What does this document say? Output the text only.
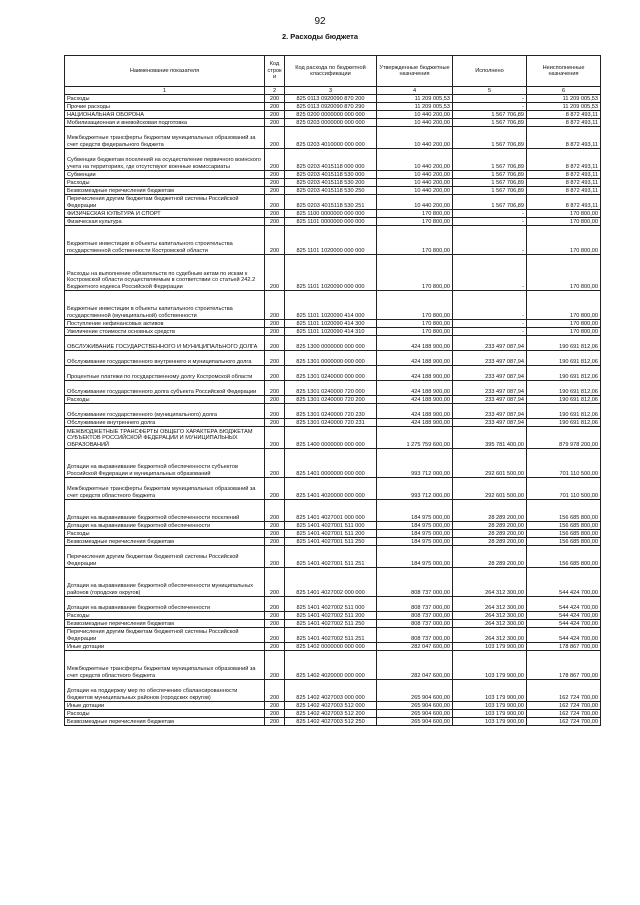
92
2. Расходы бюджета
Наименование показателя	Код строк и	Код расхода по бюджетной классификации	Утвержденные бюджетные назначения	Исполнено	Неисполненные назначения
1	2	3	4	5	6
Расходы	200	825 0113 0920090 870 200	11 209 005,53	-	11 209 005,53
Прочие расходы	200	825 0113 0920090 870 290	11 209 005,53	-	11 209 005,53
НАЦИОНАЛЬНАЯ ОБОРОНА	200	825 0200 0000000 000 000	10 440 200,00	1 567 706,89	8 872 493,11
Мобилизационная и вневойсковая подготовка	200	825 0203 0000000 000 000	10 440 200,00	1 567 706,89	8 872 493,11
Межбюджетные трансферты бюджетам муниципальных образований за счет средств федерального бюджета	200	825 0203 4010000 000 000	10 440 200,00	1 567 706,89	8 872 493,11
Субвенции бюджетам поселений на осуществление первичного воинского учета на территориях, где отсутствуют военные комиссариаты	200	825 0203 4015118 000 000	10 440 200,00	1 567 706,89	8 872 493,11
Субвенции	200	825 0203 4015118 530 000	10 440 200,00	1 567 706,89	8 872 493,11
Расходы	200	825 0203 4015118 530 200	10 440 200,00	1 567 706,89	8 872 493,11
Безвозмездные перечисления бюджетам	200	825 0203 4015118 530 250	10 440 200,00	1 567 706,89	8 872 493,11
Перечисления другим бюджетам бюджетной системы Российской Федерации	200	825 0203 4015118 530 251	10 440 200,00	1 567 706,89	8 872 493,11
ФИЗИЧЕСКАЯ КУЛЬТУРА И СПОРТ	200	825 1100 0000000 000 000	170 800,00	-	170 800,00
Физическая культура	200	825 1101 0000000 000 000	170 800,00	-	170 800,00
Бюджетные инвестиции в объекты капитального строительства государственной собственности Костромской области	200	825 1101 1020000 000 000	170 800,00	-	170 800,00
Расходы на выполнение обязательств по судебным актам по искам к Костромской области осуществляемым в соответствии со статьей 242.2 Бюджетного кодекса Российской Федерации	200	825 1101 1020090 000 000	170 800,00	-	170 800,00
Бюджетные инвестиции в объекты капитального строительства государственной (муниципальной) собственности	200	825 1101 1020090 414 000	170 800,00	-	170 800,00
Поступление нефинансовых активов	200	825 1101 1020090 414 300	170 800,00	-	170 800,00
Увеличение стоимости основных средств	200	825 1101 1020090 414 310	170 800,00	-	170 800,00
ОБСЛУЖИВАНИЕ ГОСУДАРСТВЕННОГО И МУНИЦИПАЛЬНОГО ДОЛГА	200	825 1300 0000000 000 000	424 188 900,00	233 497 087,94	190 691 812,06
Обслуживание государственного внутреннего и муниципального долга	200	825 1301 0000000 000 000	424 188 900,00	233 497 087,94	190 691 812,06
Процентные платежи по государственному долгу Костромской области	200	825 1301 0240000 000 000	424 188 900,00	233 497 087,94	190 691 812,06
Обслуживание государственного долга субъекта Российской Федерации	200	825 1301 0240000 720 000	424 188 900,00	233 497 087,94	190 691 812,06
Расходы	200	825 1301 0240000 720 200	424 188 900,00	233 497 087,94	190 691 812,06
Обслуживание государственного (муниципального) долга	200	825 1301 0240000 720 230	424 188 900,00	233 497 087,94	190 691 812,06
Обслуживание внутреннего долга	200	825 1301 0240000 720 231	424 188 900,00	233 497 087,94	190 691 812,06
МЕЖБЮДЖЕТНЫЕ ТРАНСФЕРТЫ ОБЩЕГО ХАРАКТЕРА БЮДЖЕТАМ СУБЪЕКТОВ РОССИЙСКОЙ ФЕДЕРАЦИИ И МУНИЦИПАЛЬНЫХ ОБРАЗОВАНИЙ	200	825 1400 0000000 000 000	1 275 759 600,00	395 781 400,00	879 978 200,00
Дотации на выравнивание бюджетной обеспеченности субъектов Российской Федерации и муниципальных образований	200	825 1401 0000000 000 000	993 712 000,00	292 601 500,00	701 110 500,00
Межбюджетные трансферты бюджетам муниципальных образований за счет средств областного бюджета	200	825 1401 4020000 000 000	993 712 000,00	292 601 500,00	701 110 500,00
Дотации на выравнивание бюджетной обеспеченности поселений	200	825 1401 4027001 000 000	184 975 000,00	28 289 200,00	156 685 800,00
Дотации на выравнивание бюджетной обеспеченности	200	825 1401 4027001 511 000	184 975 000,00	28 289 200,00	156 685 800,00
Расходы	200	825 1401 4027001 511 200	184 975 000,00	28 289 200,00	156 685 800,00
Безвозмездные перечисления бюджетам	200	825 1401 4027001 511 250	184 975 000,00	28 289 200,00	156 685 800,00
Перечисления другим бюджетам бюджетной системы Российской Федерации	200	825 1401 4027001 511 251	184 975 000,00	28 289 200,00	156 685 800,00
Дотации на выравнивание бюджетной обеспеченности муниципальных районов (городских округов)	200	825 1401 4027002 000 000	808 737 000,00	264 312 300,00	544 424 700,00
Дотации на выравнивание бюджетной обеспеченности	200	825 1401 4027002 511 000	808 737 000,00	264 312 300,00	544 424 700,00
Расходы	200	825 1401 4027002 511 200	808 737 000,00	264 312 300,00	544 424 700,00
Безвозмездные перечисления бюджетам	200	825 1401 4027002 511 250	808 737 000,00	264 312 300,00	544 424 700,00
Перечисления другим бюджетам бюджетной системы Российской Федерации	200	825 1401 4027002 511 251	808 737 000,00	264 312 300,00	544 424 700,00
Иные дотации	200	825 1402 0000000 000 000	282 047 600,00	103 179 900,00	178 867 700,00
Межбюджетные трансферты бюджетам муниципальных образований за счет средств областного бюджета	200	825 1402 4020000 000 000	282 047 600,00	103 179 900,00	178 867 700,00
Дотации на поддержку мер по обеспечению сбалансированности бюджетов муниципальных районов (городских округов)	200	825 1402 4027003 000 000	265 904 600,00	103 179 900,00	162 724 700,00
Иные дотации	200	825 1402 4027003 512 000	265 904 600,00	103 179 900,00	162 724 700,00
Расходы	200	825 1402 4027003 512 200	265 904 600,00	103 179 900,00	162 724 700,00
Безвозмездные перечисления бюджетам	200	825 1402 4027003 512 250	265 904 600,00	103 179 900,00	162 724 700,00
